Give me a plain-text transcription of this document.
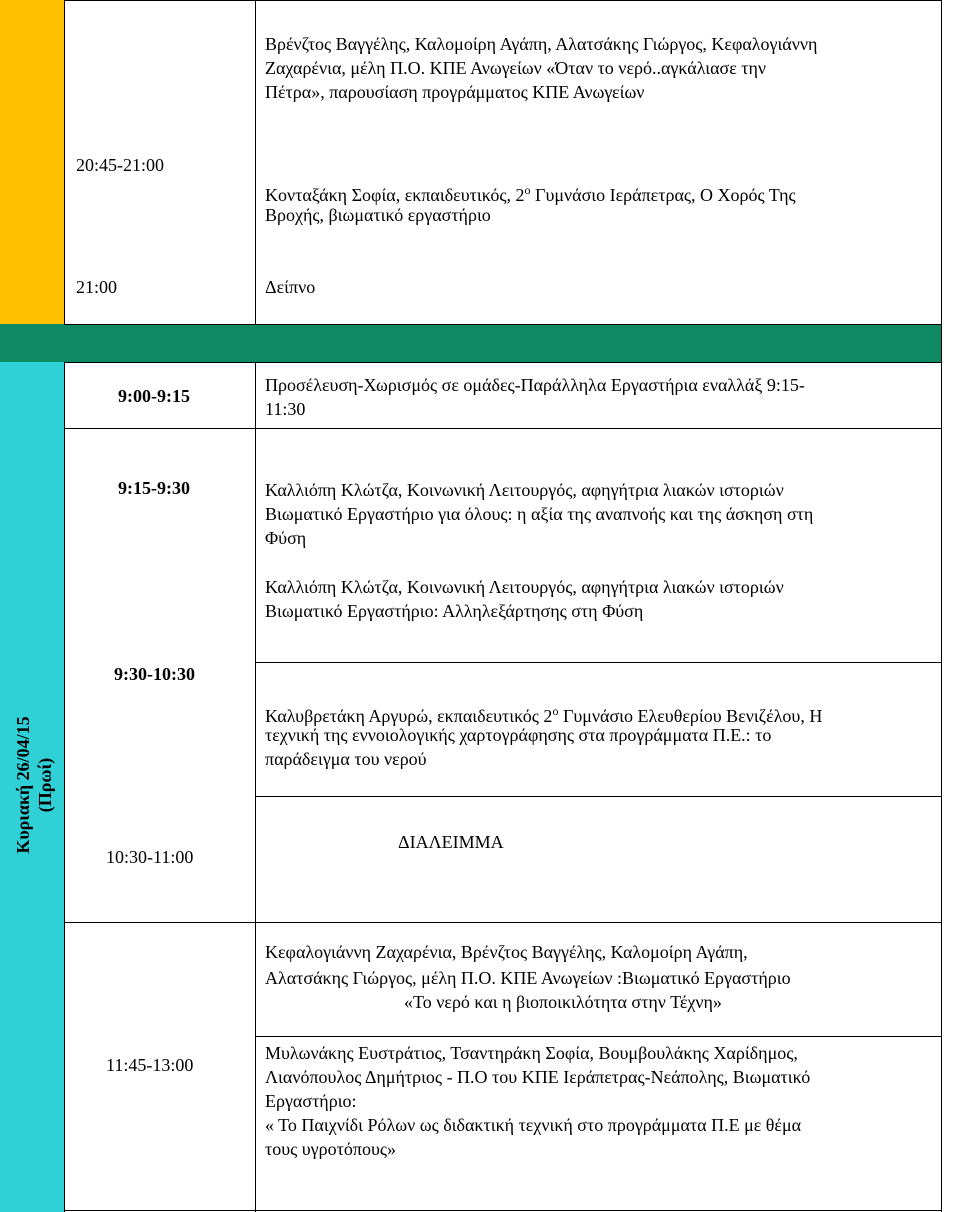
Βρένζτος Βαγγέλης, Καλομοίρη Αγάπη, Αλατσάκης Γιώργος, Κεφαλογιάννη
Ζαχαρένια, μέλη Π.Ο. ΚΠΕ Ανωγείων «Όταν το νερό..αγκάλιασε την
Πέτρα», παρουσίαση προγράμματος ΚΠΕ Ανωγείων
20:45-21:00
Κονταξάκη Σοφία, εκπαιδευτικός, $2^o$ Γυμνάσιο Ιεράπετρας, Ο Χορός Της
Βροχής, βιωματικό εργαστήριο
21:00	Δείπνο
9:00-9:15
Προσέλευση-Χωρισμός σε ομάδες-Παράλληλα Εργαστήρια εναλλάξ 9:15-
11:30
9:15-9:30	Καλλιόπη Κλώτζα, Κοινωνική Λειτουργός, αφηγήτρια λιακών ιστοριών
Βιωματικό Εργαστήριο για όλους: η αξία της αναπνοής και της άσκηση στη
Φύση
Καλλιόπη Κλώτζα, Κοινωνική Λειτουργός, αφηγήτρια λιακών ιστοριών
Βιωματικό Εργαστήριο: Αλληλεξάρτησης στη Φύση
9:30-10:30
Καλυβρετάκη Αργυρώ, εκπαιδευτικός $2^o$ Γυμνάσιο Ελευθερίου Βενιζέλου, Η
τεχνική της εννοιολογικής χαρτογράφησης στα προγράμματα Π.Ε.: το
παράδειγμα του νερού
10:30-11:00
ΔΙΑΛΕΙΜΜΑ
11:45-13:00
Κεφαλογιάννη Ζαχαρένια, Βρένζτος Βαγγέλης, Καλομοίρη Αγάπη,
Αλατσάκης Γιώργος, μέλη Π.Ο. ΚΠΕ Ανωγείων :Βιωματικό Εργαστήριο
«Το νερό και η βιοποικιλότητα στην Τέχνη»
Μυλωνάκης Ευστράτιος, Τσαντηράκη Σοφία, Βουμβουλάκης Χαρίδημος,
Λιανόπουλος Δημήτριος - Π.Ο του ΚΠΕ Ιεράπετρας-Νεάπολης, Βιωματικό
Εργαστήριο:
« Το Παιχνίδι Ρόλων ως διδακτική τεχνική στο προγράμματα Π.Ε με θέμα
τους υγροτόπους»
Κυριακή 26/04/15 (Πρωί)
